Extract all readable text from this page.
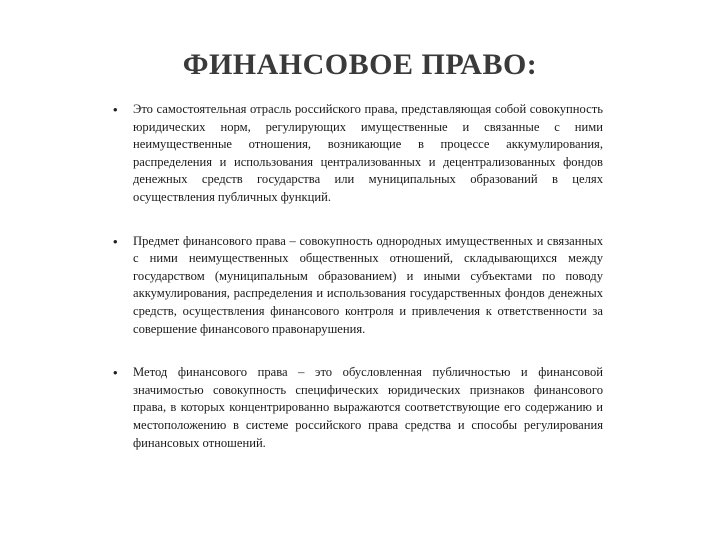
ФИНАНСОВОЕ ПРАВО:
• Это самостоятельная отрасль российского права, представляющая собой совокупность юридических норм, регулирующих имущественные и связанные с ними неимущественные отношения, возникающие в процессе аккумулирования, распределения и использования централизованных и децентрализованных фондов денежных средств государства или муниципальных образований в целях осуществления публичных функций.
• Предмет финансового права – совокупность однородных имущественных и связанных с ними неимущественных общественных отношений, складывающихся между государством (муниципальным образованием) и иными субъектами по поводу аккумулирования, распределения и использования государственных фондов денежных средств, осуществления финансового контроля и привлечения к ответственности за совершение финансового правонарушения.
• Метод финансового права – это обусловленная публичностью и финансовой значимостью совокупность специфических юридических признаков финансового права, в которых концентрированно выражаются соответствующие его содержанию и местоположению в системе российского права средства и способы регулирования финансовых отношений.
